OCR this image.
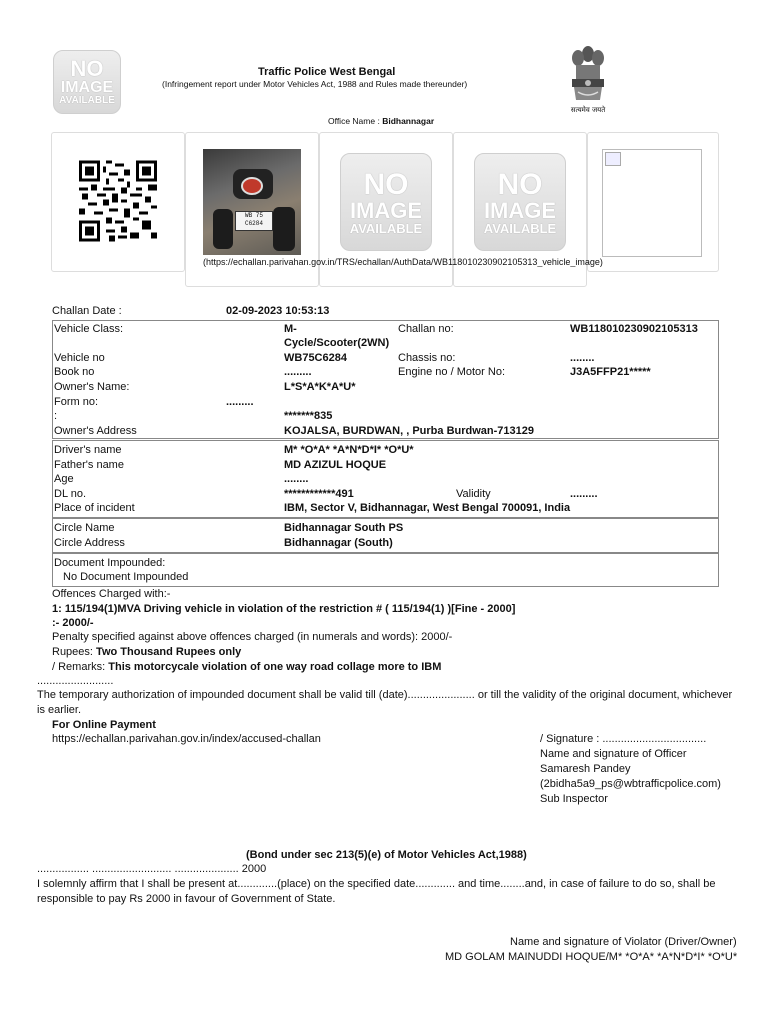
NO
IMAGE
AVAILABLE
Traffic Police West Bengal
(Infringement report under Motor Vehicles Act, 1988 and Rules made thereunder)
सत्यमेव जयते
Office Name : Bidhannagar
WB 75
C6284
NO
IMAGE
AVAILABLE
NO
IMAGE
AVAILABLE
(https://echallan.parivahan.gov.in/TRS/echallan/AuthData/WB118010230902105313_vehicle_image)
Challan Date :	02-09-2023 10:53:13
Vehicle Class:	M-
Cycle/Scooter(2WN)
Challan no:	WB118010230902105313
Vehicle no	WB75C6284	Chassis no:	........
Book no	.........	Engine no / Motor No:	J3A5FFP21*****
Owner's Name:	L*S*A*K*A*U*
Form no:	.........
:	*******835
Owner's Address	KOJALSA, BURDWAN, , Purba Burdwan-713129
Driver's name	M* *O*A* *A*N*D*I* *O*U*
Father's name	MD AZIZUL HOQUE
Age	........
DL no.	************491	Validity	.........
Place of incident	IBM, Sector V, Bidhannagar, West Bengal 700091, India
Circle Name	Bidhannagar South PS
Circle Address	Bidhannagar (South)
Document Impounded:
No Document Impounded
Offences Charged with:-
1: 115/194(1)MVA Driving vehicle in violation of the restriction # ( 115/194(1) )[Fine - 2000]
:- 2000/-
Penalty specified against above offences charged (in numerals and words): 2000/-
Rupees: Two Thousand Rupees only
/ Remarks: This motorcycale violation of one way road collage more to IBM
.........................
The temporary authorization of impounded document shall be valid till (date)...................... or till the validity of the original document, whichever
is earlier.
For Online Payment
https://echallan.parivahan.gov.in/index/accused-challan	/ Signature : ..................................
Name and signature of Officer
Samaresh Pandey
(2bidha5a9_ps@wbtrafficpolice.com)
Sub Inspector
(Bond under sec 213(5)(e) of Motor Vehicles Act,1988)
................. .......................... ..................... 2000
I solemnly affirm that I shall be present at.............(place) on the specified date............. and time........and, in case of failure to do so, shall be
responsible to pay Rs 2000 in favour of Government of State.
Name and signature of Violator (Driver/Owner)
MD GOLAM MAINUDDI HOQUE/M* *O*A* *A*N*D*I* *O*U*
